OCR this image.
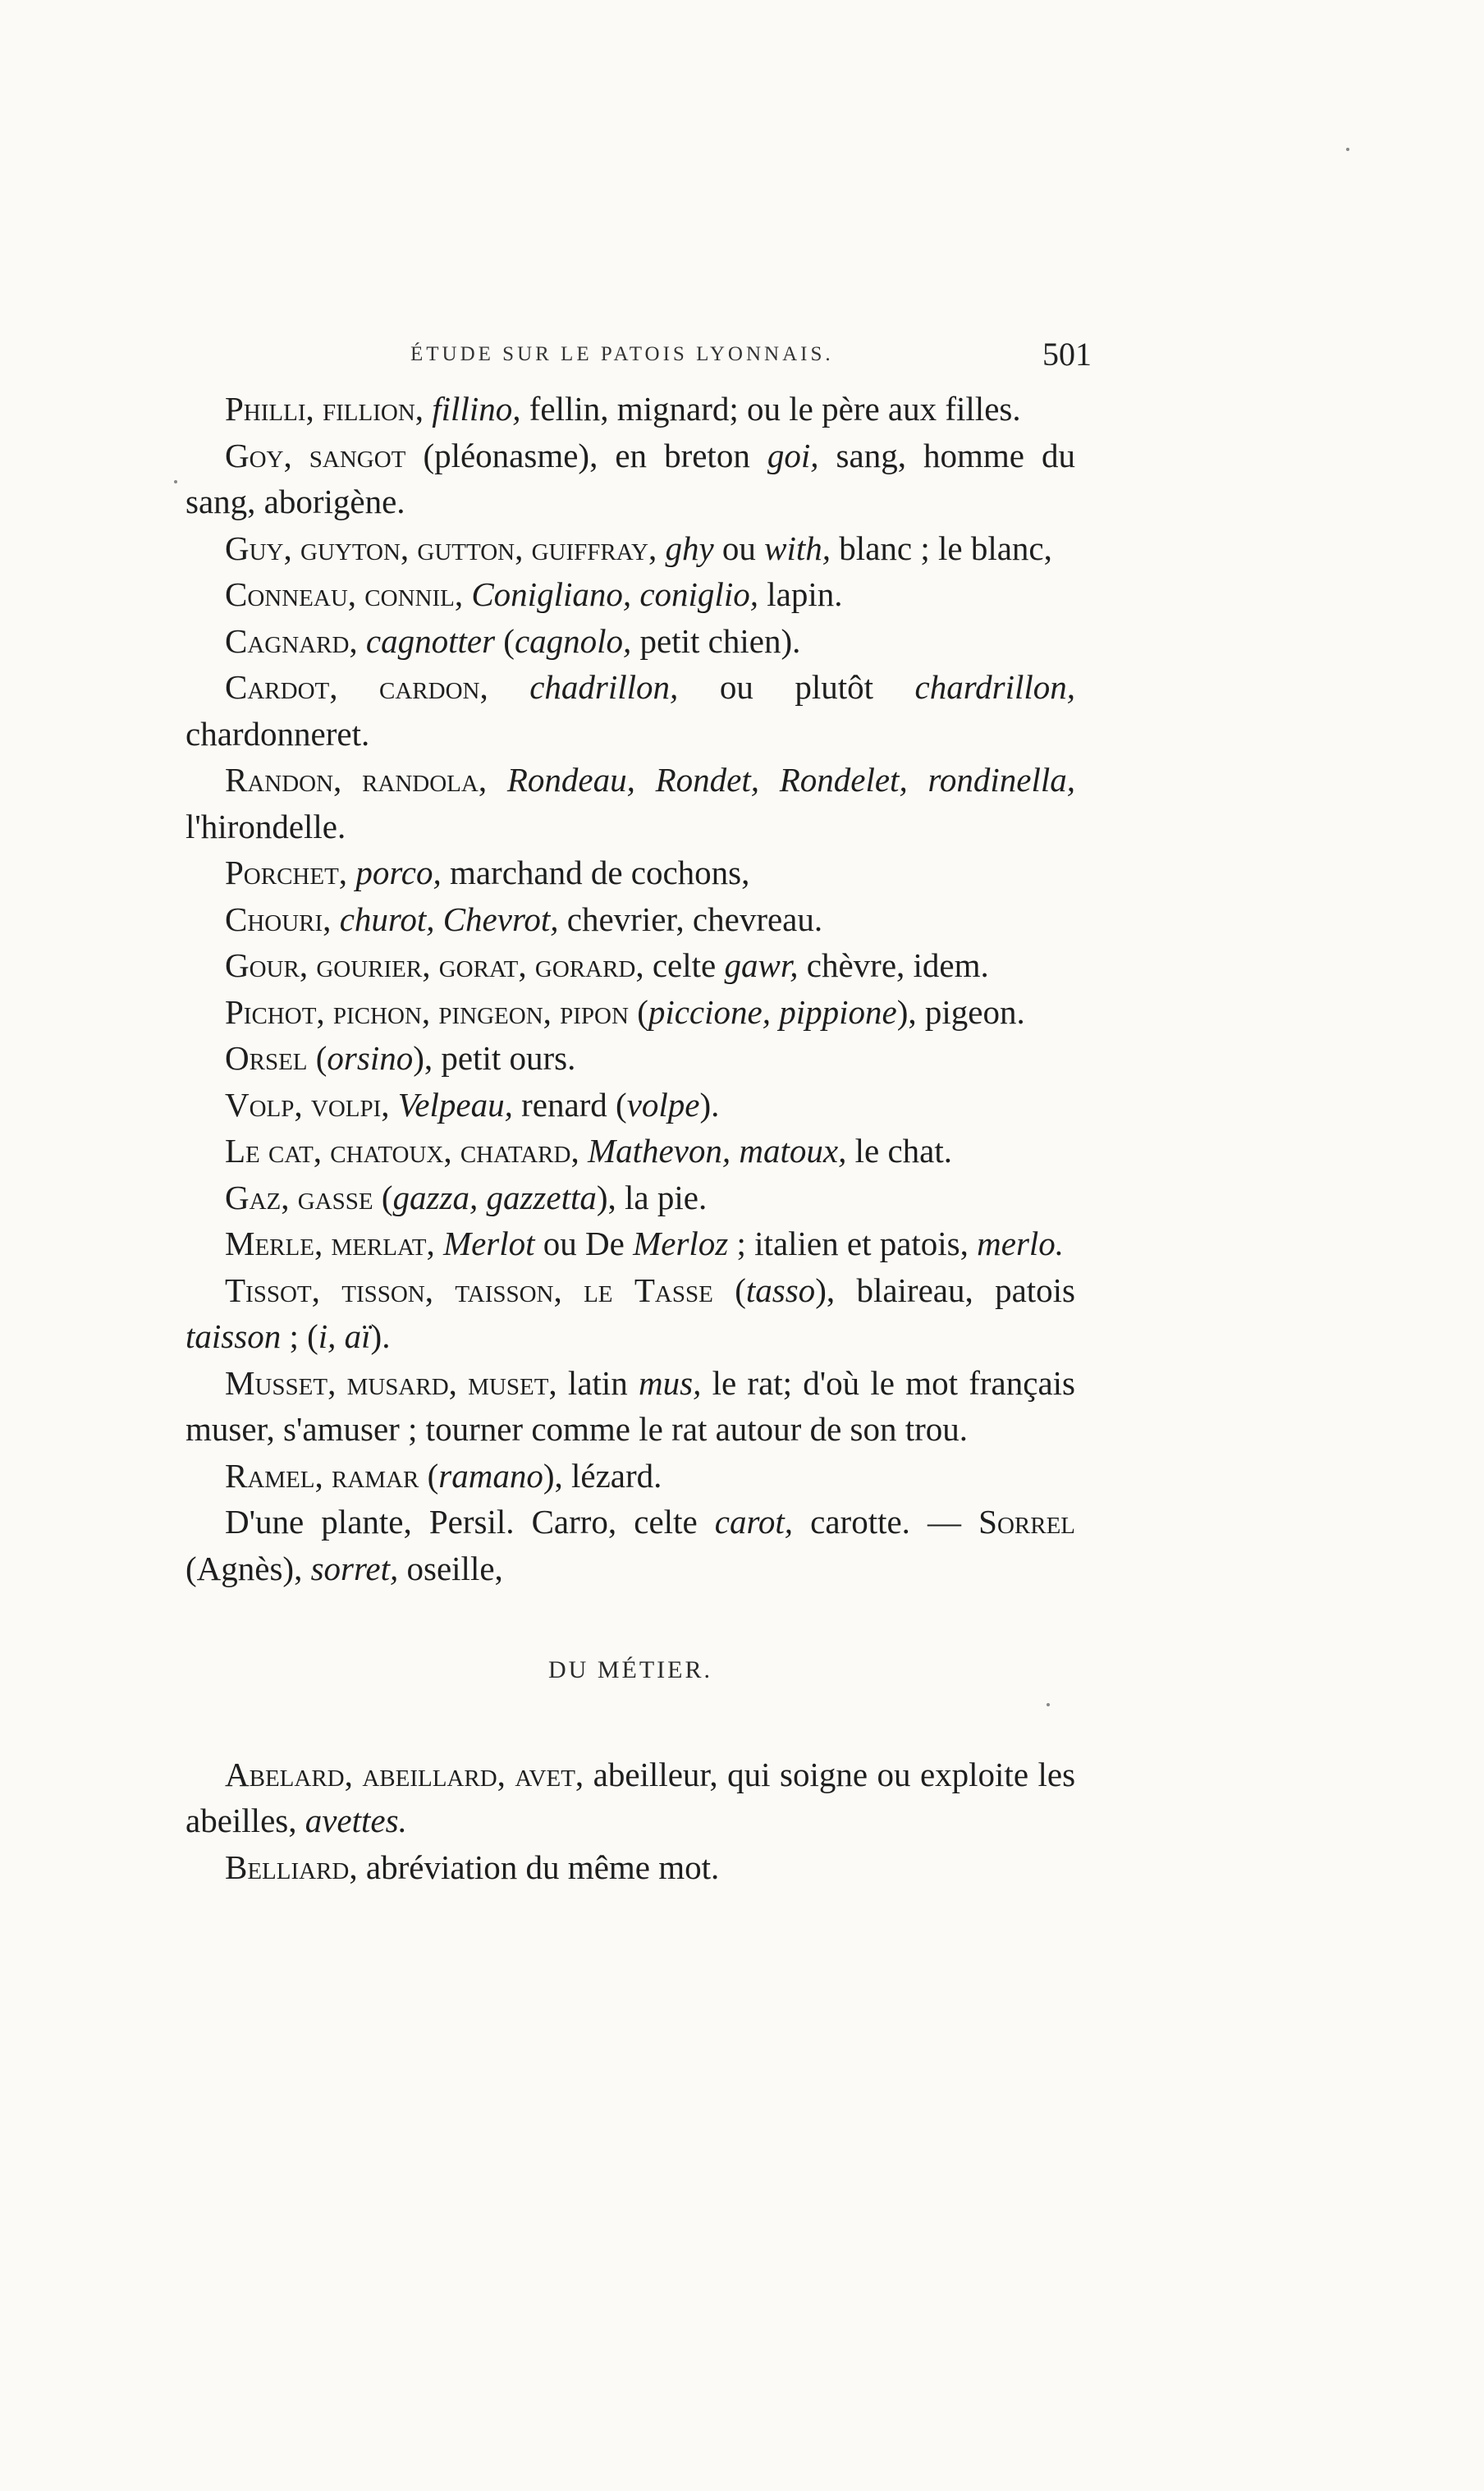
ÉTUDE SUR LE PATOIS LYONNAIS.	501

Philli, fillion, fillino, fellin, mignard; ou le père aux filles.

Goy, sangot (pléonasme), en breton goi, sang, homme du sang, aborigène.

Guy, guyton, gutton, guiffray, ghy ou with, blanc ; le blanc,

Conneau, connil, Conigliano, coniglio, lapin.

Cagnard, cagnotter (cagnolo, petit chien).

Cardot, cardon, chadrillon, ou plutôt chardrillon, chardonneret.

Randon, randola, Rondeau, Rondet, Rondelet, rondinella, l'hirondelle.

Porchet, porco, marchand de cochons,

Chouri, churot, Chevrot, chevrier, chevreau.

Gour, gourier, gorat, gorard, celte gawr, chèvre, idem.

Pichot, pichon, pingeon, pipon (piccione, pippione), pigeon.

Orsel (orsino), petit ours.

Volp, volpi, Velpeau, renard (volpe).

Le cat, chatoux, chatard, Mathevon, matoux, le chat.

Gaz, gasse (gazza, gazzetta), la pie.

Merle, merlat, Merlot ou De Merloz ; italien et patois, merlo.

Tissot, tisson, taisson, le Tasse (tasso), blaireau, patois taisson ; (i, aï).

Musset, musard, muset, latin mus, le rat; d'où le mot français muser, s'amuser ; tourner comme le rat autour de son trou.

Ramel, ramar (ramano), lézard.

D'une plante, Persil. Carro, celte carot, carotte. — Sorrel (Agnès), sorret, oseille,

DU MÉTIER.

Abelard, abeillard, avet, abeilleur, qui soigne ou exploite les abeilles, avettes.

Belliard, abréviation du même mot.
